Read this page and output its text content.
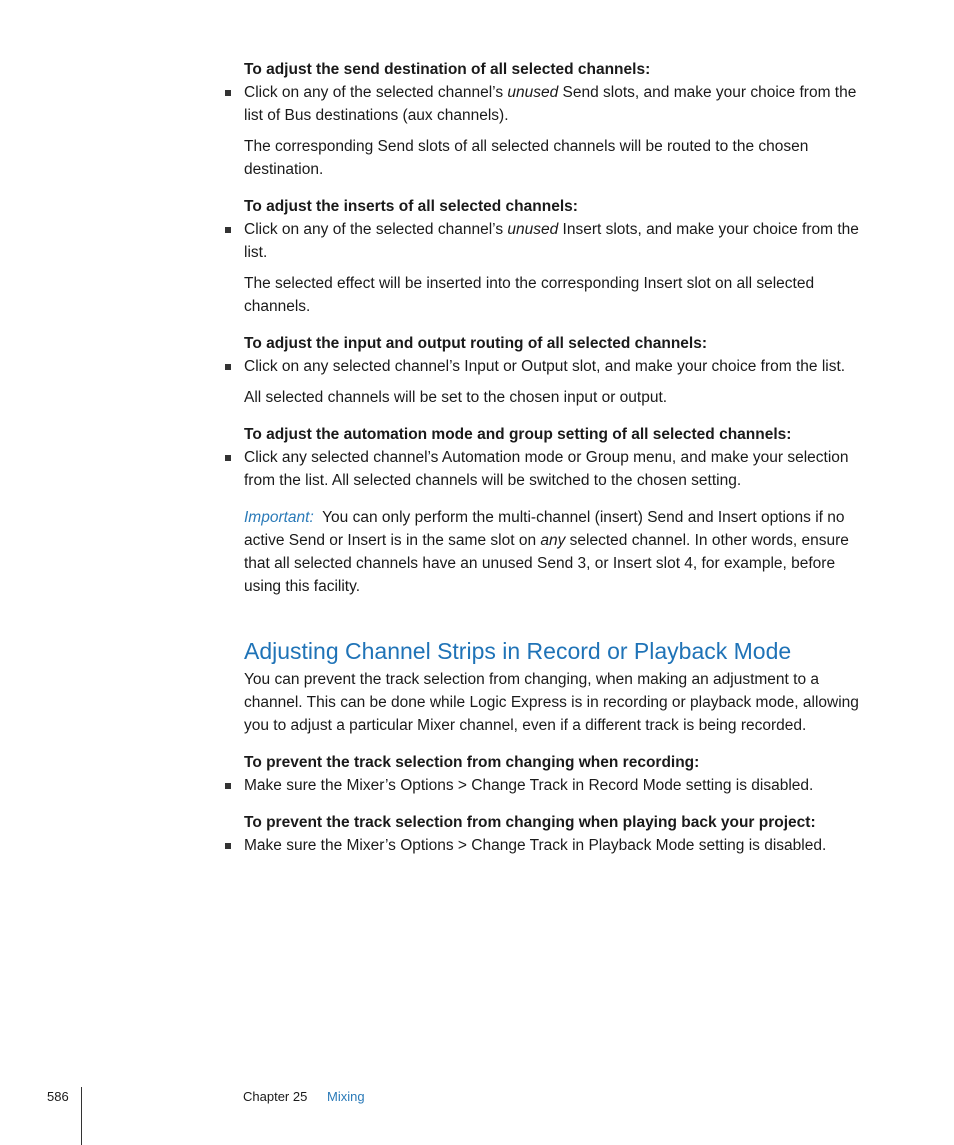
To adjust the send destination of all selected channels:

Click on any of the selected channel’s unused Send slots, and make your choice from the list of Bus destinations (aux channels).

The corresponding Send slots of all selected channels will be routed to the chosen destination.

To adjust the inserts of all selected channels:

Click on any of the selected channel’s unused Insert slots, and make your choice from the list.

The selected effect will be inserted into the corresponding Insert slot on all selected channels.

To adjust the input and output routing of all selected channels:

Click on any selected channel’s Input or Output slot, and make your choice from the list.

All selected channels will be set to the chosen input or output.

To adjust the automation mode and group setting of all selected channels:

Click any selected channel’s Automation mode or Group menu, and make your selection from the list. All selected channels will be switched to the chosen setting.

Important:  You can only perform the multi-channel (insert) Send and Insert options if no active Send or Insert is in the same slot on any selected channel. In other words, ensure that all selected channels have an unused Send 3, or Insert slot 4, for example, before using this facility.

Adjusting Channel Strips in Record or Playback Mode

You can prevent the track selection from changing, when making an adjustment to a channel. This can be done while Logic Express is in recording or playback mode, allowing you to adjust a particular Mixer channel, even if a different track is being recorded.

To prevent the track selection from changing when recording:

Make sure the Mixer’s Options > Change Track in Record Mode setting is disabled.

To prevent the track selection from changing when playing back your project:

Make sure the Mixer’s Options > Change Track in Playback Mode setting is disabled.

586	Chapter 25 Mixing
